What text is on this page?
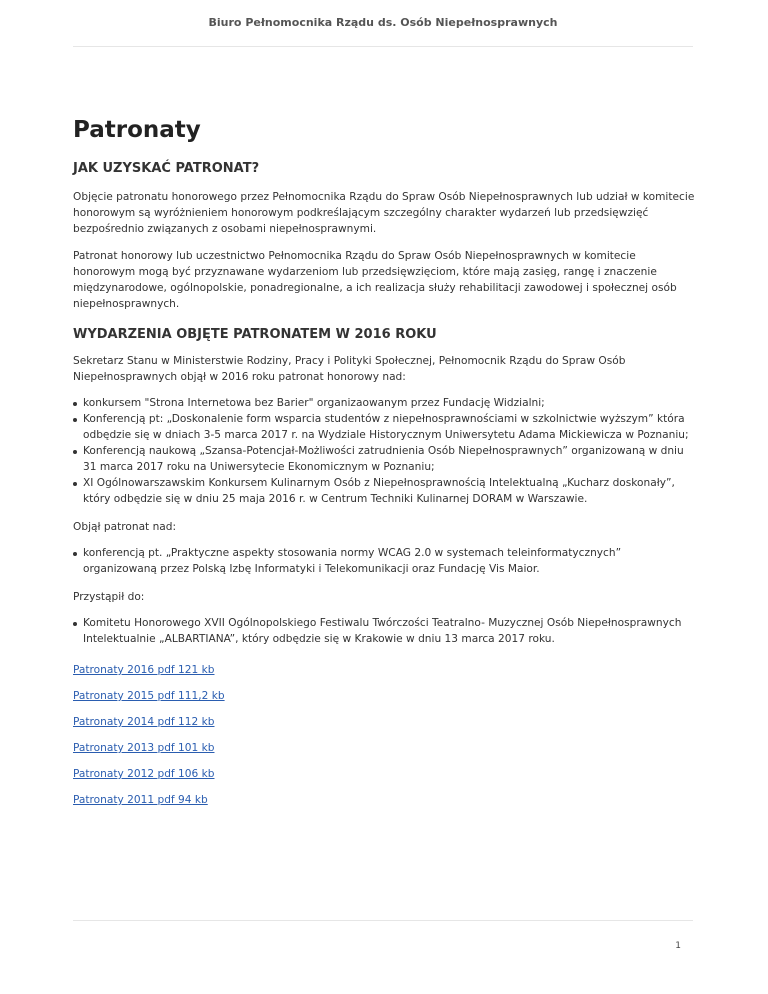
Biuro Pełnomocnika Rządu ds. Osób Niepełnosprawnych
Patronaty
JAK UZYSKAĆ PATRONAT?

Objęcie patronatu honorowego przez Pełnomocnika Rządu do Spraw Osób Niepełnosprawnych lub udział w komitecie honorowym są wyróżnieniem honorowym podkreślającym szczególny charakter wydarzeń lub przedsięwzięć bezpośrednio związanych z osobami niepełnosprawnymi.

Patronat honorowy lub uczestnictwo Pełnomocnika Rządu do Spraw Osób Niepełnosprawnych w komitecie honorowym mogą być przyznawane wydarzeniom lub przedsięwzięciom, które mają zasięg, rangę i znaczenie międzynarodowe, ogólnopolskie, ponadregionalne, a ich realizacja służy rehabilitacji zawodowej i społecznej osób niepełnosprawnych.

WYDARZENIA OBJĘTE PATRONATEM W 2016 ROKU

Sekretarz Stanu w Ministerstwie Rodziny, Pracy i Polityki Społecznej, Pełnomocnik Rządu do Spraw Osób Niepełnosprawnych objął w 2016 roku patronat honorowy nad:

konkursem "Strona Internetowa bez Barier" organizaowanym przez Fundację Widzialni;
Konferencją pt: „Doskonalenie form wsparcia studentów z niepełnosprawnościami w szkolnictwie wyższym” która odbędzie się w dniach 3-5 marca 2017 r. na Wydziale Historycznym Uniwersytetu Adama Mickiewicza w Poznaniu;
Konferencją naukową „Szansa-Potencjał-Możliwości zatrudnienia Osób Niepełnosprawnych” organizowaną w dniu 31 marca 2017 roku na Uniwersytecie Ekonomicznym w Poznaniu;
XI Ogólnowarszawskim Konkursem Kulinarnym Osób z Niepełnosprawnością Intelektualną „Kucharz doskonały”, który odbędzie się w dniu 25 maja 2016 r. w Centrum Techniki Kulinarnej DORAM w Warszawie.

Objął patronat nad:

konferencją pt. „Praktyczne aspekty stosowania normy WCAG 2.0 w systemach teleinformatycznych” organizowaną przez Polską Izbę Informatyki i Telekomunikacji oraz Fundację Vis Maior.

Przystąpił do:

Komitetu Honorowego XVII Ogólnopolskiego Festiwalu Twórczości Teatralno- Muzycznej Osób Niepełnosprawnych Intelektualnie „ALBARTIANA”, który odbędzie się w Krakowie w dniu 13 marca 2017 roku.
Patronaty 2016 pdf 121 kb
Patronaty 2015 pdf 111,2 kb
Patronaty 2014 pdf 112 kb
Patronaty 2013 pdf 101 kb
Patronaty 2012 pdf 106 kb
Patronaty 2011 pdf 94 kb
1
